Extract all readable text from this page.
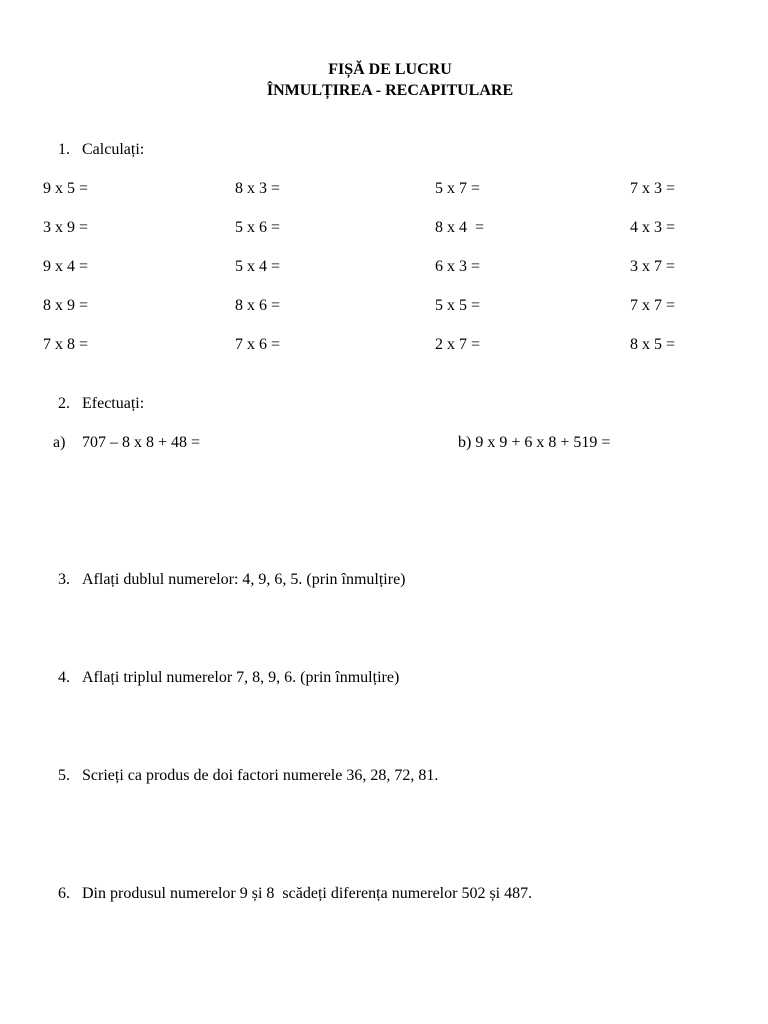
FIȘĂ DE LUCRU
ÎNMULȚIREA - RECAPITULARE
1. Calculați:
9 x 5 =	8 x 3 =	5 x 7 =	7 x 3 =
3 x 9 =	5 x 6 =	8 x 4  =	4 x 3 =
9 x 4 =	5 x 4 =	6 x 3 =	3 x 7 =
8 x 9 =	8 x 6 =	5 x 5 =	7 x 7 =
7 x 8 =	7 x 6 =	2 x 7 =	8 x 5 =
2. Efectuați:
a) 707 – 8 x 8 + 48 =	b) 9 x 9 + 6 x 8 + 519 =
3. Aflați dublul numerelor: 4, 9, 6, 5. (prin înmulțire)
4. Aflați triplul numerelor 7, 8, 9, 6. (prin înmulțire)
5. Scrieți ca produs de doi factori numerele 36, 28, 72, 81.
6. Din produsul numerelor 9 și 8  scădeți diferența numerelor 502 și 487.
